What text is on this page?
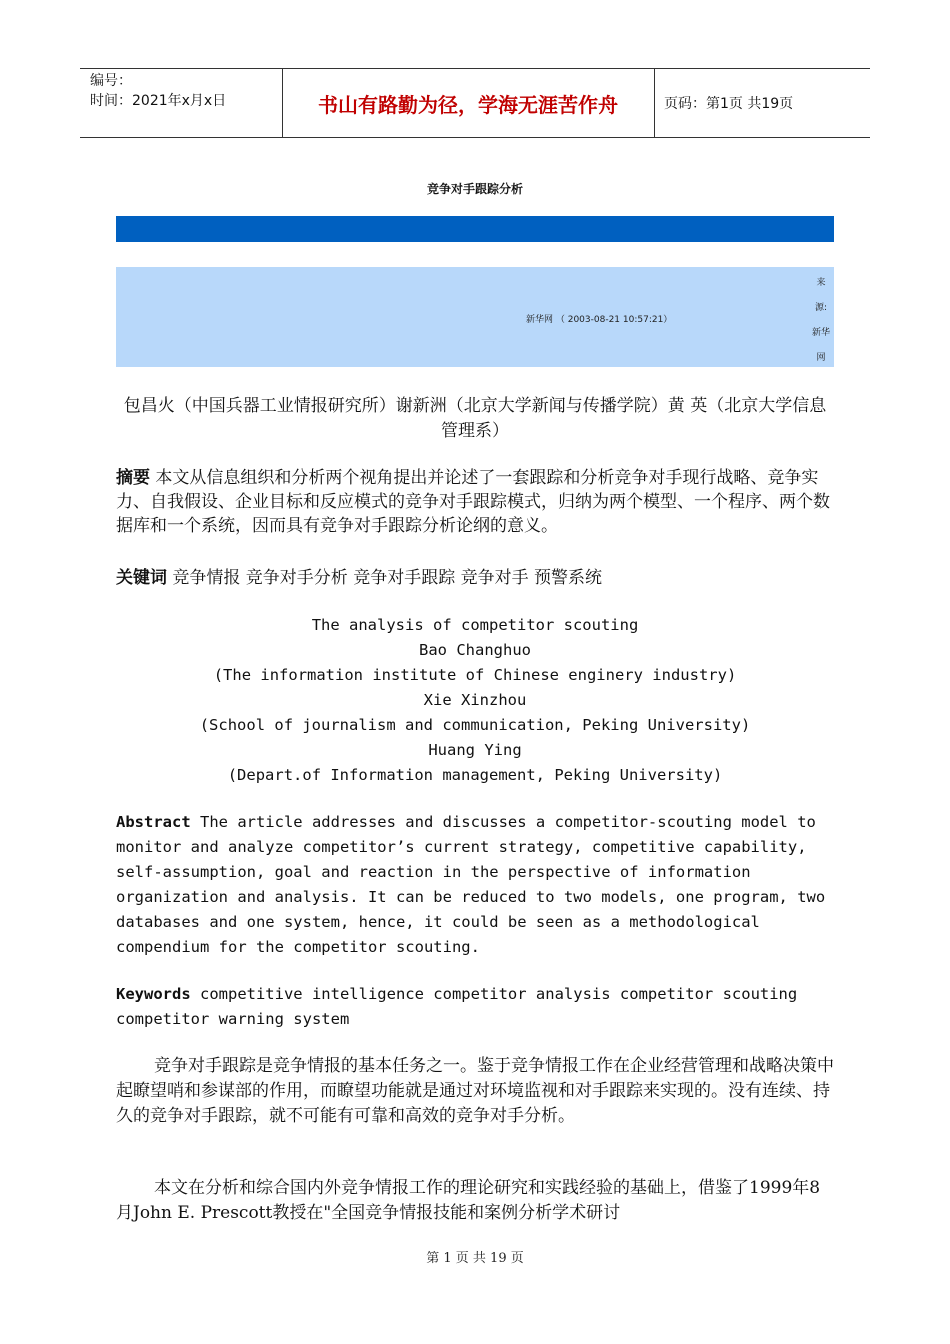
编号：
时间：2021年x月x日	书山有路勤为径，学海无涯苦作舟	页码：第1页 共19页
竞争对手跟踪分析
新华网 （ 2003-08-21 10:57:21）
来
源:
新华
网
包昌火（中国兵器工业情报研究所）谢新洲（北京大学新闻与传播学院）黄 英（北京大学信息管理系）
摘要 本文从信息组织和分析两个视角提出并论述了一套跟踪和分析竞争对手现行战略、竞争实力、自我假设、企业目标和反应模式的竞争对手跟踪模式，归纳为两个模型、一个程序、两个数据库和一个系统，因而具有竞争对手跟踪分析论纲的意义。
关键词 竞争情报 竞争对手分析 竞争对手跟踪 竞争对手 预警系统
The analysis of competitor scouting
Bao Changhuo
(The information institute of Chinese enginery industry)
Xie Xinzhou
(School of journalism and communication, Peking University)
Huang Ying
(Depart.of Information management, Peking University)
Abstract The article addresses and discusses a competitor-scouting model to monitor and analyze competitor’s current strategy, competitive capability, self-assumption, goal and reaction in the perspective of information organization and analysis. It can be reduced to two models, one program, two databases and one system, hence, it could be seen as a methodological compendium for the competitor scouting.
Keywords competitive intelligence competitor analysis competitor scouting competitor warning system
竞争对手跟踪是竞争情报的基本任务之一。鉴于竞争情报工作在企业经营管理和战略决策中起瞭望哨和参谋部的作用，而瞭望功能就是通过对环境监视和对手跟踪来实现的。没有连续、持久的竞争对手跟踪，就不可能有可靠和高效的竞争对手分析。
本文在分析和综合国内外竞争情报工作的理论研究和实践经验的基础上，借鉴了1999年8月John E. Prescott教授在"全国竞争情报技能和案例分析学术研讨
第 1 页 共 19 页
